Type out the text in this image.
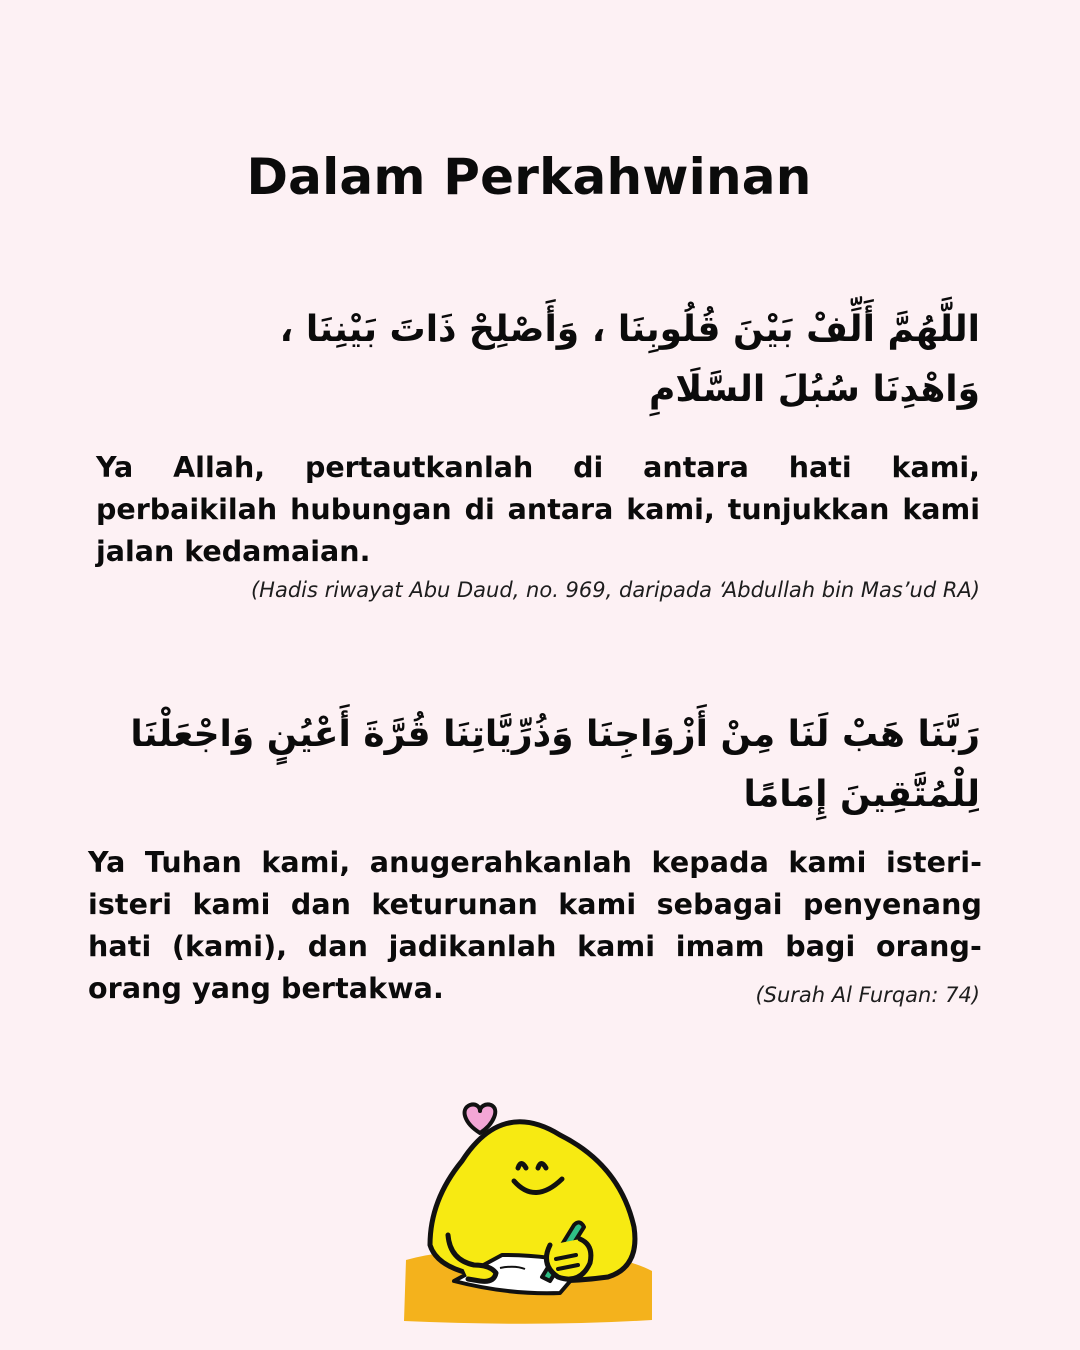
Dalam Perkahwinan
اللَّهُمَّ أَلِّفْ بَيْنَ قُلُوبِنَا ، وَأَصْلِحْ ذَاتَ بَيْنِنَا ، وَاهْدِنَا سُبُلَ السَّلَامِ
Ya Allah, pertautkanlah di antara hati kami, perbaikilah hubungan di antara kami, tunjukkan kami jalan kedamaian.
(Hadis riwayat Abu Daud, no. 969, daripada ‘Abdullah bin Mas’ud RA)
رَبَّنَا هَبْ لَنَا مِنْ أَزْوَاجِنَا وَذُرِّيَّاتِنَا قُرَّةَ أَعْيُنٍ وَاجْعَلْنَا لِلْمُتَّقِينَ إِمَامًا
Ya Tuhan kami, anugerahkanlah kepada kami isteri-isteri kami dan keturunan kami sebagai penyenang hati (kami), dan jadikanlah kami imam bagi orang-orang yang bertakwa.	(Surah Al Furqan: 74)
